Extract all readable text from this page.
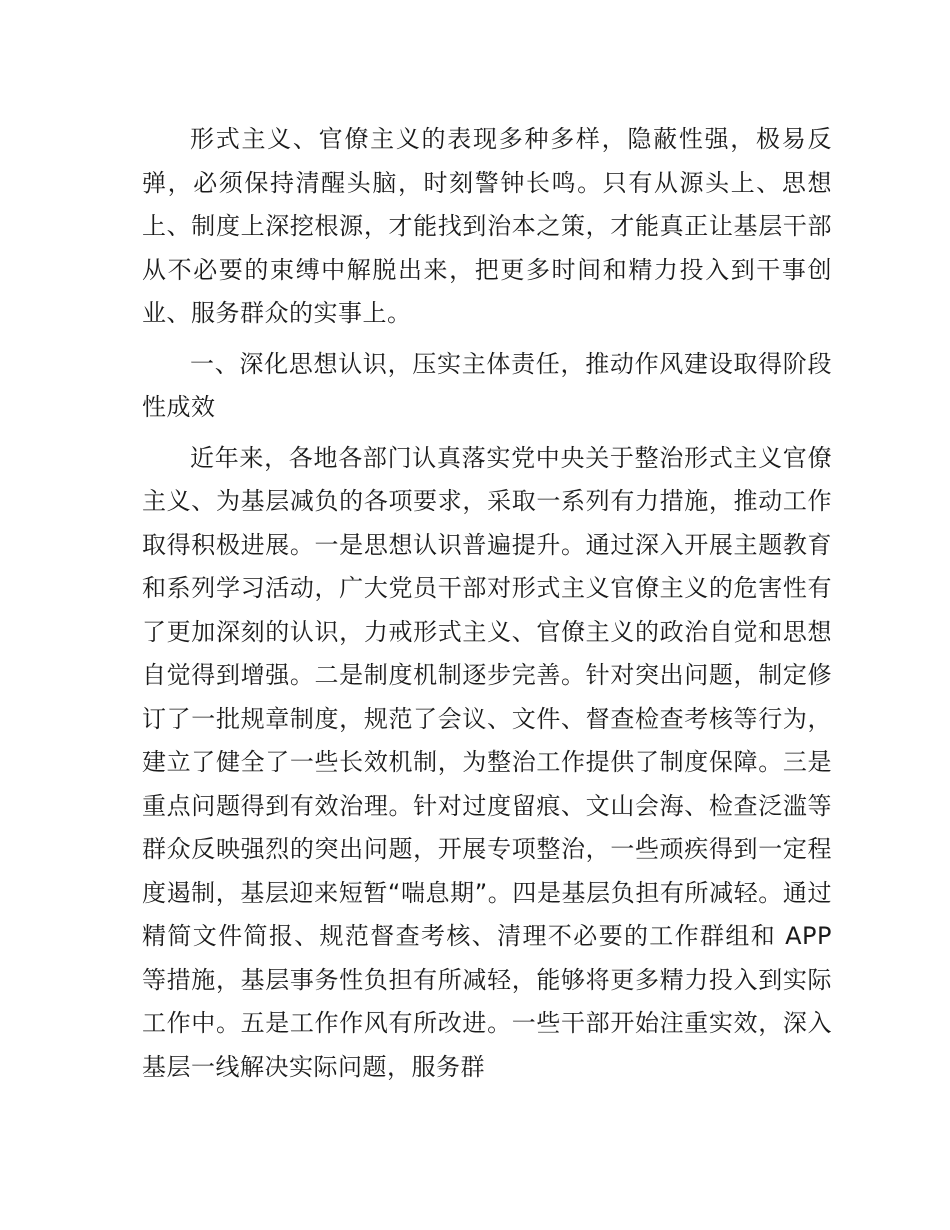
形式主义、官僚主义的表现多种多样，隐蔽性强，极易反弹，必须保持清醒头脑，时刻警钟长鸣。只有从源头上、思想上、制度上深挖根源，才能找到治本之策，才能真正让基层干部从不必要的束缚中解脱出来，把更多时间和精力投入到干事创业、服务群众的实事上。

一、深化思想认识，压实主体责任，推动作风建设取得阶段性成效

近年来，各地各部门认真落实党中央关于整治形式主义官僚主义、为基层减负的各项要求，采取一系列有力措施，推动工作取得积极进展。一是思想认识普遍提升。通过深入开展主题教育和系列学习活动，广大党员干部对形式主义官僚主义的危害性有了更加深刻的认识，力戒形式主义、官僚主义的政治自觉和思想自觉得到增强。二是制度机制逐步完善。针对突出问题，制定修订了一批规章制度，规范了会议、文件、督查检查考核等行为，建立了健全了一些长效机制，为整治工作提供了制度保障。三是重点问题得到有效治理。针对过度留痕、文山会海、检查泛滥等群众反映强烈的突出问题，开展专项整治，一些顽疾得到一定程度遏制，基层迎来短暂“喘息期”。四是基层负担有所减轻。通过精简文件简报、规范督查考核、清理不必要的工作群组和 APP 等措施，基层事务性负担有所减轻，能够将更多精力投入到实际工作中。五是工作作风有所改进。一些干部开始注重实效，深入基层一线解决实际问题，服务群
